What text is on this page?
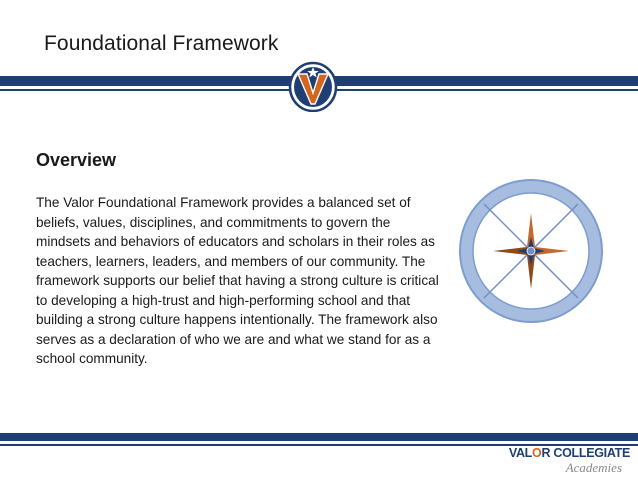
Foundational Framework
Overview
The Valor Foundational Framework provides a balanced set of beliefs, values, disciplines, and commitments to govern the mindsets and behaviors of educators and scholars in their roles as teachers, learners, leaders, and members of our community. The framework supports our belief that having a strong culture is critical to developing a high-trust and high-performing school and that building a strong culture happens intentionally. The framework also serves as a declaration of who we are and what we stand for as a school community.
VALOR COLLEGIATE
Academies
